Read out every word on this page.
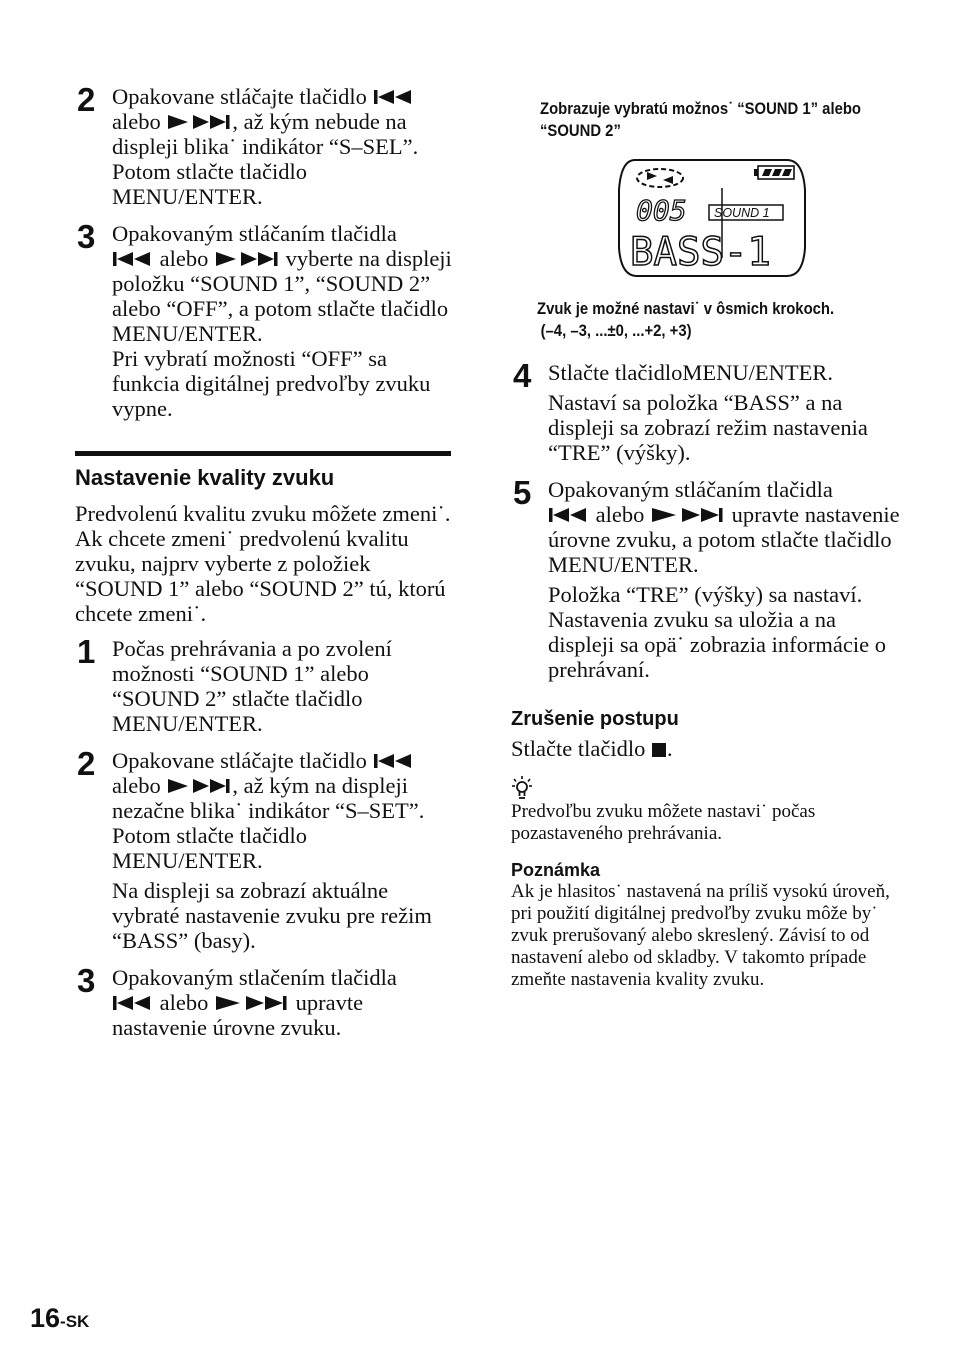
2 Opakovane stláčajte tlačidlo

alebo	, až kým nebude na displeji blika˙ indikátor “S–SEL”. Potom stlačte tlačidlo MENU/ENTER.

3 Opakovaným stláčaním tlačidla

alebo	vyberte na displeji položku “SOUND 1”, “SOUND 2” alebo “OFF”, a potom stlačte tlačidlo MENU/ENTER.

Pri vybratí možnosti “OFF” sa funkcia digitálnej predvoľby zvuku vypne.

Nastavenie kvality zvuku

Predvolenú kvalitu zvuku môžete zmeni˙. Ak chcete zmeni˙ predvolenú kvalitu zvuku, najprv vyberte z položiek “SOUND 1” alebo “SOUND 2” tú, ktorú chcete zmeni˙.

1 Počas prehrávania a po zvolení možnosti “SOUND 1” alebo “SOUND 2” stlačte tlačidlo MENU/ENTER.

2 Opakovane stláčajte tlačidlo

alebo	, až kým na displeji nezačne blika˙ indikátor “S–SET”. Potom stlačte tlačidlo MENU/ENTER.

Na displeji sa zobrazí aktuálne vybraté nastavenie zvuku pre režim “BASS” (basy).

3 Opakovaným stlačením tlačidla

alebo	upravte nastavenie úrovne zvuku.

Zobrazuje vybratú možnos˙ “SOUND 1” alebo “SOUND 2”
005 SOUND 1
BASS-1
Zvuk je možné nastavi˙ v ôsmich krokoch.
(–4, –3, ...±0, ...+2, +3)
4 Stlačte tlačidloMENU/ENTER.

Nastaví sa položka “BASS” a na displeji sa zobrazí režim nastavenia “TRE” (výšky).

5 Opakovaným stláčaním tlačidla

alebo	upravte nastavenie úrovne zvuku, a potom stlačte tlačidlo MENU/ENTER.

Položka “TRE” (výšky) sa nastaví. Nastavenia zvuku sa uložia a na displeji sa opä˙ zobrazia informácie o prehrávaní.

Zrušenie postupu

Stlačte tlačidlo
.

Predvoľbu zvuku môžete nastavi˙ počas pozastaveného prehrávania.

Poznámka

Ak je hlasitos˙ nastavená na príliš vysokú úroveň, pri použití digitálnej predvoľby zvuku môže by˙ zvuk prerušovaný alebo skreslený. Závisí to od nastavení alebo od skladby. V takomto prípade zmeňte nastavenia kvality zvuku.

16-SK
